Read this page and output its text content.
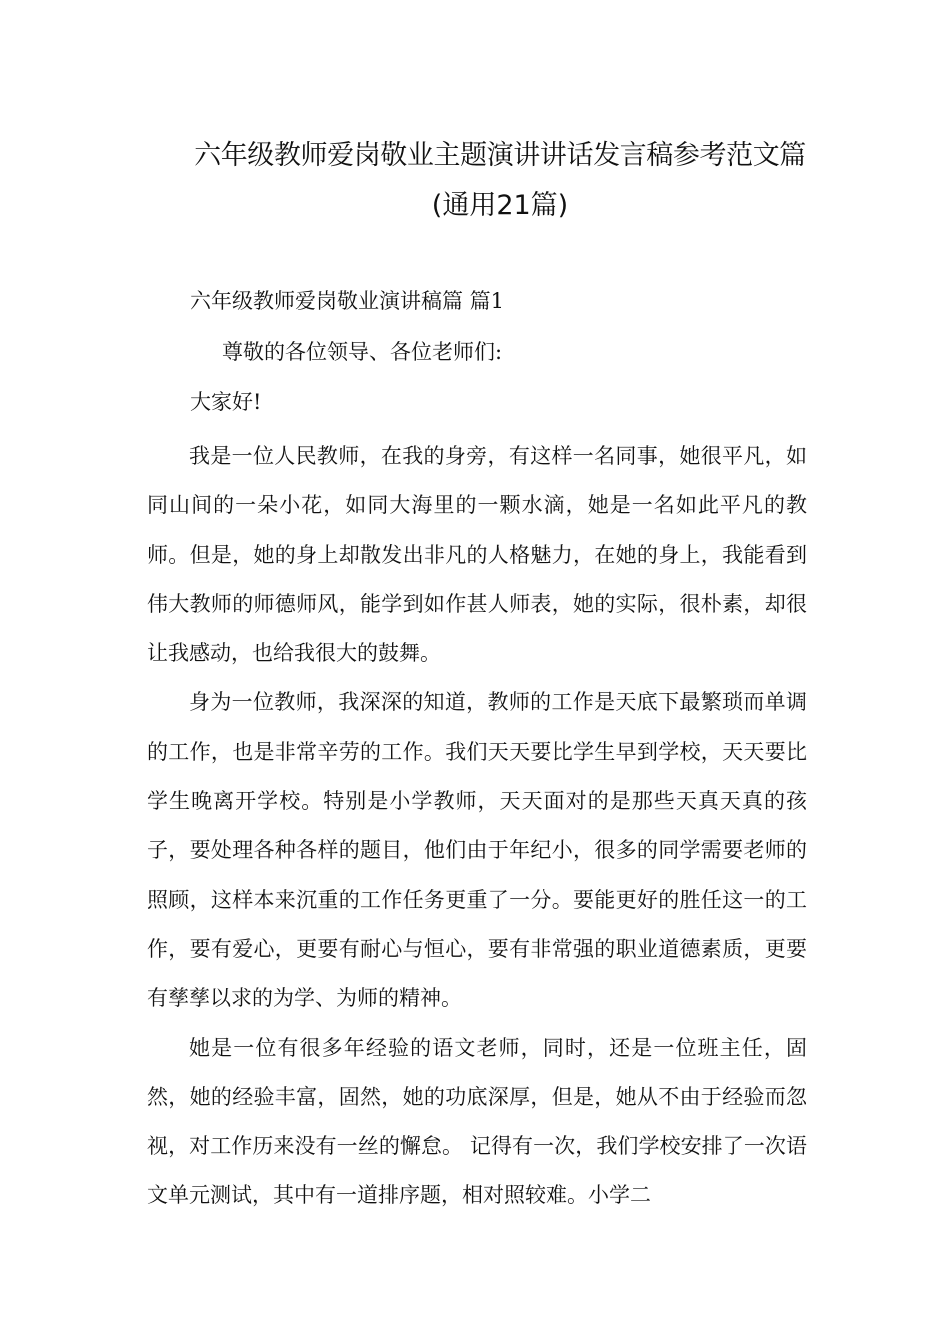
六年级教师爱岗敬业主题演讲讲话发言稿参考范文篇
(通用21篇)
六年级教师爱岗敬业演讲稿篇 篇1
尊敬的各位领导、各位老师们:
大家好!

我是一位人民教师，在我的身旁，有这样一名同事，她很平凡，如同山间的一朵小花，如同大海里的一颗水滴，她是一名如此平凡的教师。但是，她的身上却散发出非凡的人格魅力，在她的身上，我能看到伟大教师的师德师风，能学到如作甚人师表，她的实际，很朴素，却很让我感动，也给我很大的鼓舞。

身为一位教师，我深深的知道，教师的工作是天底下最繁琐而单调的工作，也是非常辛劳的工作。我们天天要比学生早到学校，天天要比学生晚离开学校。特别是小学教师，天天面对的是那些天真天真的孩子，要处理各种各样的题目，他们由于年纪小，很多的同学需要老师的照顾，这样本来沉重的工作任务更重了一分。要能更好的胜任这一的工作，要有爱心，更要有耐心与恒心，要有非常强的职业道德素质，更要有孳孳以求的为学、为师的精神。

她是一位有很多年经验的语文老师，同时，还是一位班主任，固然，她的经验丰富，固然，她的功底深厚，但是，她从不由于经验而忽视，对工作历来没有一丝的懈怠。 记得有一次，我们学校安排了一次语文单元测试，其中有一道排序题，相对照较难。小学二
